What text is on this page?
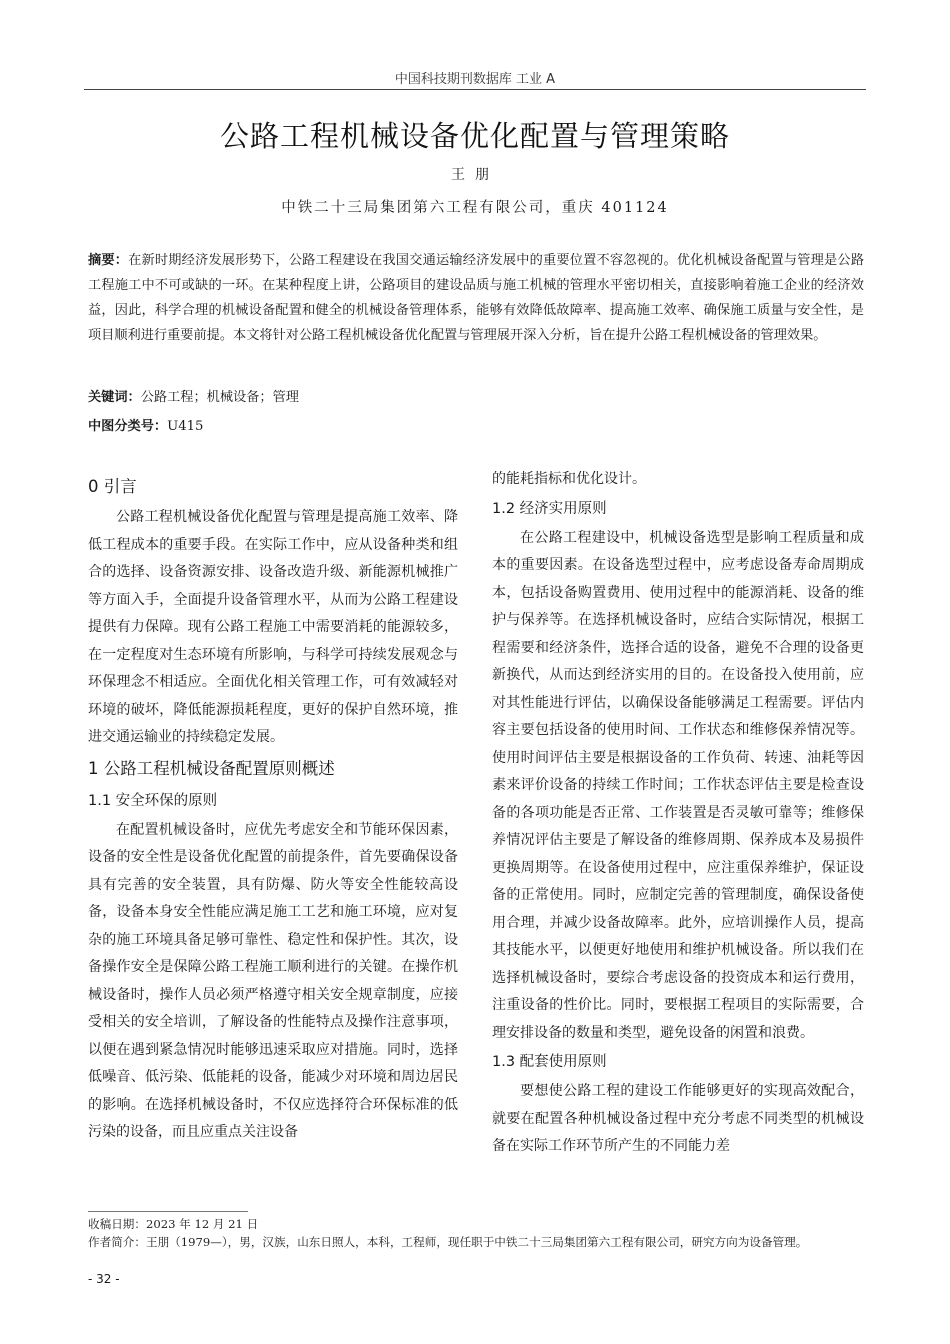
中国科技期刊数据库 工业 A
公路工程机械设备优化配置与管理策略
王朋
中铁二十三局集团第六工程有限公司，重庆 401124
摘要：在新时期经济发展形势下，公路工程建设在我国交通运输经济发展中的重要位置不容忽视的。优化机械设备配置与管理是公路工程施工中不可或缺的一环。在某种程度上讲，公路项目的建设品质与施工机械的管理水平密切相关，直接影响着施工企业的经济效益，因此，科学合理的机械设备配置和健全的机械设备管理体系，能够有效降低故障率、提高施工效率、确保施工质量与安全性，是项目顺利进行重要前提。本文将针对公路工程机械设备优化配置与管理展开深入分析，旨在提升公路工程机械设备的管理效果。
关键词：公路工程；机械设备；管理
中图分类号：U415
0 引言

公路工程机械设备优化配置与管理是提高施工效率、降低工程成本的重要手段。在实际工作中，应从设备种类和组合的选择、设备资源安排、设备改造升级、新能源机械推广等方面入手，全面提升设备管理水平，从而为公路工程建设提供有力保障。现有公路工程施工中需要消耗的能源较多，在一定程度对生态环境有所影响，与科学可持续发展观念与环保理念不相适应。全面优化相关管理工作，可有效减轻对环境的破坏，降低能源损耗程度，更好的保护自然环境，推进交通运输业的持续稳定发展。

1 公路工程机械设备配置原则概述
1.1 安全环保的原则

在配置机械设备时，应优先考虑安全和节能环保因素，设备的安全性是设备优化配置的前提条件，首先要确保设备具有完善的安全装置，具有防爆、防火等安全性能较高设备，设备本身安全性能应满足施工工艺和施工环境，应对复杂的施工环境具备足够可靠性、稳定性和保护性。其次，设备操作安全是保障公路工程施工顺利进行的关键。在操作机械设备时，操作人员必须严格遵守相关安全规章制度，应接受相关的安全培训，了解设备的性能特点及操作注意事项，以便在遇到紧急情况时能够迅速采取应对措施。同时，选择低噪音、低污染、低能耗的设备，能减少对环境和周边居民的影响。在选择机械设备时，不仅应选择符合环保标准的低污染的设备，而且应重点关注设备

的能耗指标和优化设计。

1.2 经济实用原则

在公路工程建设中，机械设备选型是影响工程质量和成本的重要因素。在设备选型过程中，应考虑设备寿命周期成本，包括设备购置费用、使用过程中的能源消耗、设备的维护与保养等。在选择机械设备时，应结合实际情况，根据工程需要和经济条件，选择合适的设备，避免不合理的设备更新换代，从而达到经济实用的目的。在设备投入使用前，应对其性能进行评估，以确保设备能够满足工程需要。评估内容主要包括设备的使用时间、工作状态和维修保养情况等。使用时间评估主要是根据设备的工作负荷、转速、油耗等因素来评价设备的持续工作时间；工作状态评估主要是检查设备的各项功能是否正常、工作装置是否灵敏可靠等；维修保养情况评估主要是了解设备的维修周期、保养成本及易损件更换周期等。在设备使用过程中，应注重保养维护，保证设备的正常使用。同时，应制定完善的管理制度，确保设备使用合理，并减少设备故障率。此外，应培训操作人员，提高其技能水平，以便更好地使用和维护机械设备。所以我们在选择机械设备时，要综合考虑设备的投资成本和运行费用，注重设备的性价比。同时，要根据工程项目的实际需要，合理安排设备的数量和类型，避免设备的闲置和浪费。

1.3 配套使用原则

要想使公路工程的建设工作能够更好的实现高效配合，就要在配置各种机械设备过程中充分考虑不同类型的机械设备在实际工作环节所产生的不同能力差

收稿日期：2023 年 12 月 21 日
作者简介：王朋（1979—），男，汉族，山东日照人，本科，工程师，现任职于中铁二十三局集团第六工程有限公司，研究方向为设备管理。
- 32 -
